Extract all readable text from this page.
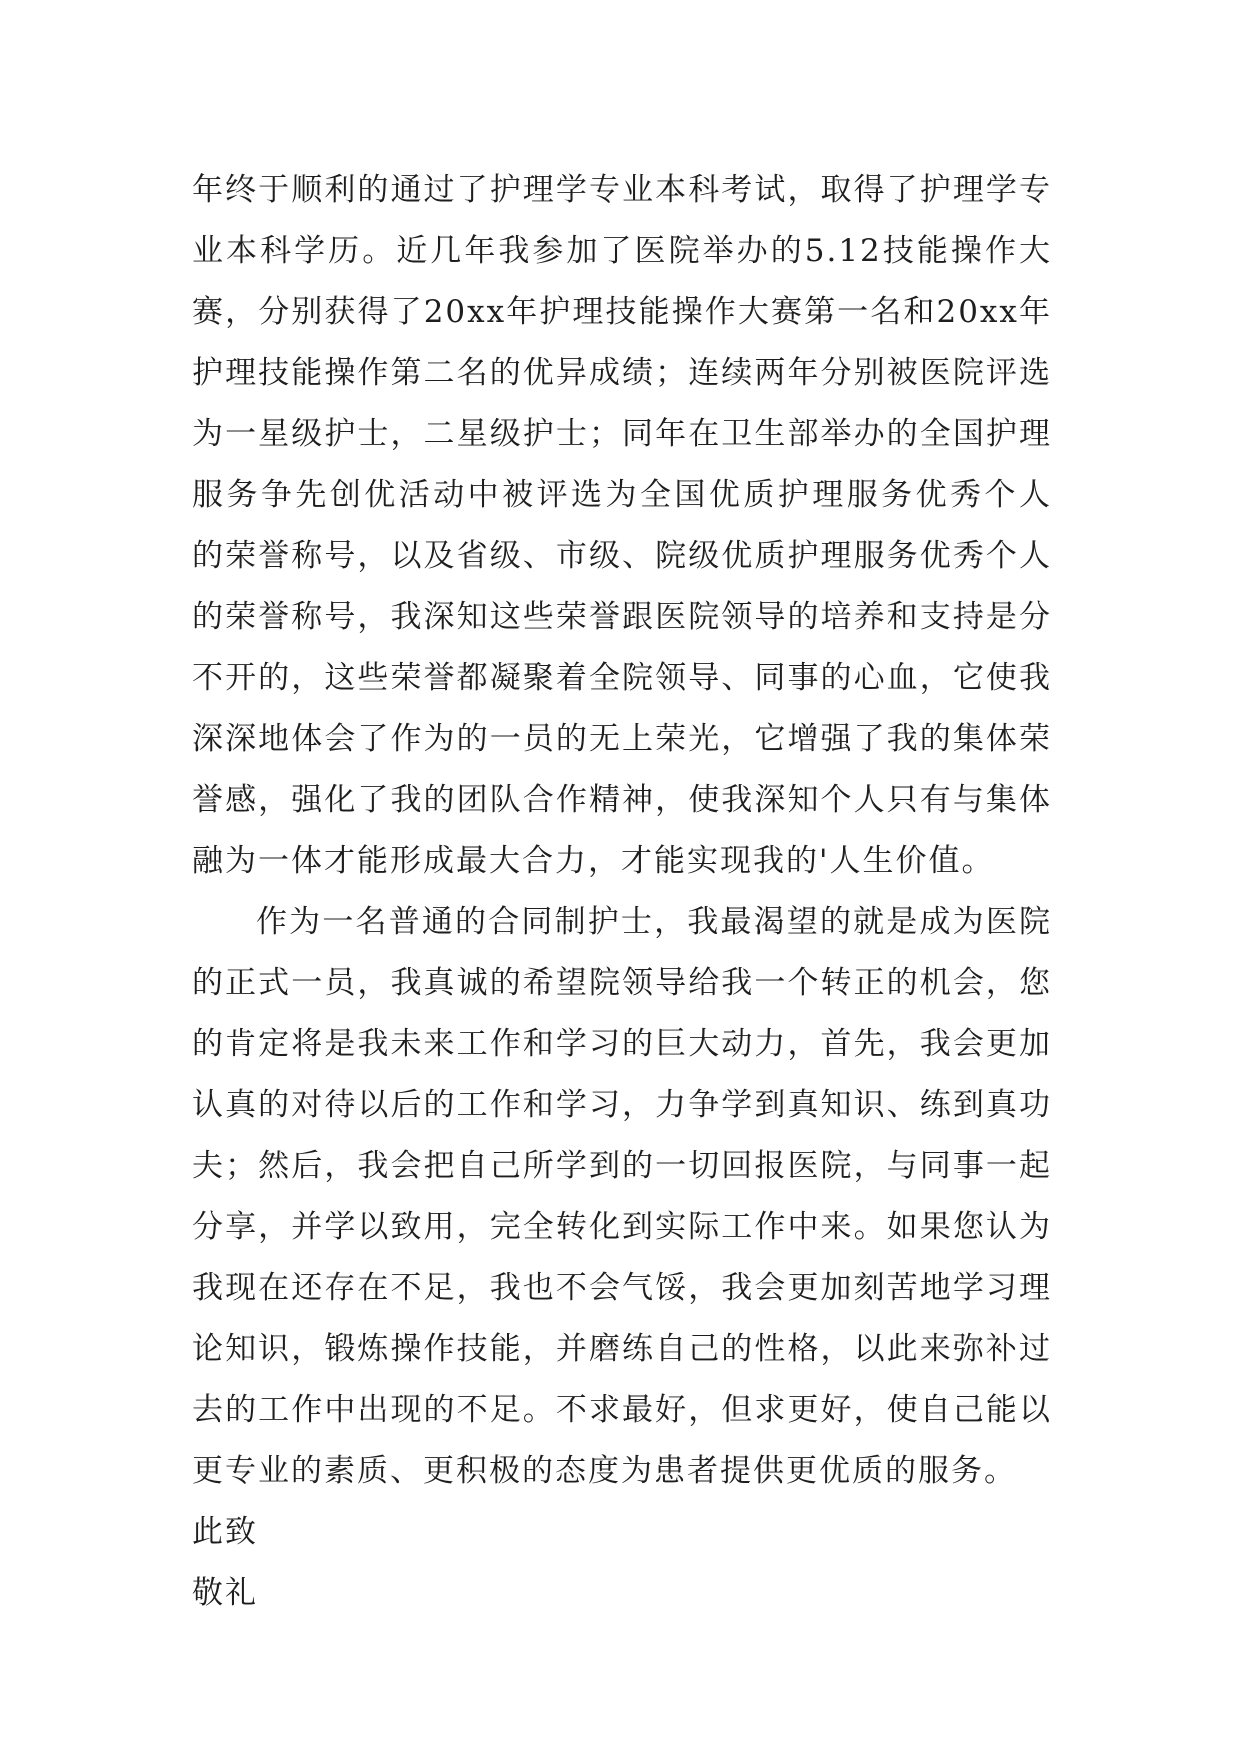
年终于顺利的通过了护理学专业本科考试，取得了护理学专
业本科学历。近几年我参加了医院举办的5.12技能操作大
赛，分别获得了20xx年护理技能操作大赛第一名和20xx年
护理技能操作第二名的优异成绩；连续两年分别被医院评选
为一星级护士，二星级护士；同年在卫生部举办的全国护理
服务争先创优活动中被评选为全国优质护理服务优秀个人
的荣誉称号，以及省级、市级、院级优质护理服务优秀个人
的荣誉称号，我深知这些荣誉跟医院领导的培养和支持是分
不开的，这些荣誉都凝聚着全院领导、同事的心血，它使我
深深地体会了作为的一员的无上荣光，它增强了我的集体荣
誉感，强化了我的团队合作精神，使我深知个人只有与集体
融为一体才能形成最大合力，才能实现我的'人生价值。
作为一名普通的合同制护士，我最渴望的就是成为医院
的正式一员，我真诚的希望院领导给我一个转正的机会，您
的肯定将是我未来工作和学习的巨大动力，首先，我会更加
认真的对待以后的工作和学习，力争学到真知识、练到真功
夫；然后，我会把自己所学到的一切回报医院，与同事一起
分享，并学以致用，完全转化到实际工作中来。如果您认为
我现在还存在不足，我也不会气馁，我会更加刻苦地学习理
论知识，锻炼操作技能，并磨练自己的性格，以此来弥补过
去的工作中出现的不足。不求最好，但求更好，使自己能以
更专业的素质、更积极的态度为患者提供更优质的服务。
此致
敬礼
